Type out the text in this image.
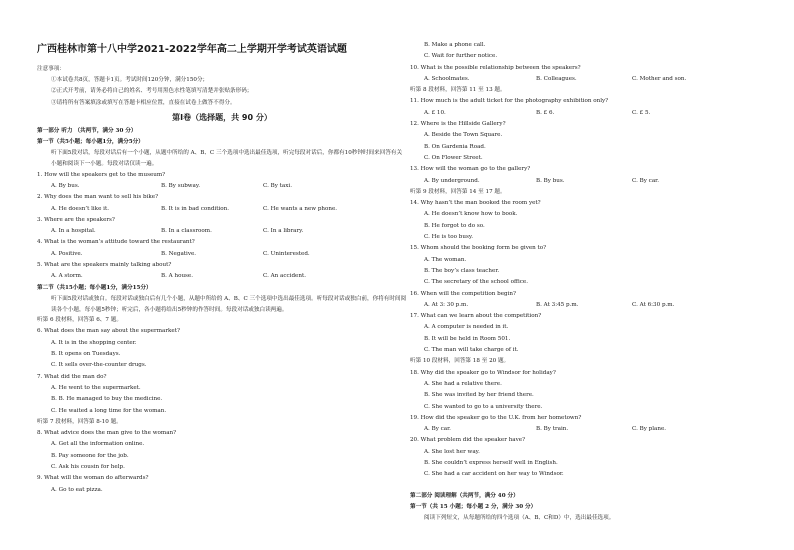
广西桂林市第十八中学2021-2022学年高二上学期开学考试英语试题
注意事项：
①本试卷共8页，答题卡1页。考试时间120分钟，满分150分；
②正式开考前，请务必将自己的姓名、考号用黑色水性笔填写清楚并张贴条形码；
③请将所有答案填涂或填写在答题卡相应位置，直接在试卷上做答不得分。
第Ⅰ卷（选择题，共 90 分）
第一部分 听力 （共两节，满分 30 分）
第一节（共5小题；每小题1分，满分5分）
听下面5段对话，每段对话后有一个小题，从题中所给的 A、B、C 三个选项中选出最佳选项，听完每段对话后，你都有10秒钟时间来回答有关小题和阅读下一小题。每段对话仅读一遍。
1. How will the speakers get to the museum?
A. By bus.	B. By subway.	C. By taxi.
2. Why does the man want to sell his bike?
A. He doesn’t like it.	B. It is in bad condition.	C. He wants a new phone.
3. Where are the speakers?
A. In a hospital.	B. In a classroom.	C. In a library.
4. What is the woman’s attitude toward the restaurant?
A. Positive.	B. Negative.	C. Uninterested.
5. What are the speakers mainly talking about?
A. A storm.	B. A house.	C. An accident.
第二节（共15小题；每小题1分，满分15分）
听下面5段对话或独白。每段对话或独白后有几个小题，从题中所给的 A、B、C 三个选项中选出最佳选项。听每段对话或独白前，你将有时间阅读各个小题，每小题5秒钟；听完后，各小题将给出5秒钟的作答时间。每段对话或独白读两遍。
听第 6 段材料，回答第 6、7 题。
6. What does the man say about the supermarket?
A. It is in the shopping center.
B. It opens on Tuesdays.
C. It sells over-the-counter drugs.
7. What did the man do?
A. He went to the supermarket.
B. B. He managed to buy the medicine.
C. He waited a long time for the woman.
听第 7 段材料，回答第 8-10 题。
8. What advice does the man give to the woman?
A. Get all the information online.
B. Pay someone for the job.
C. Ask his cousin for help.
9. What will the woman do afterwards?
A. Go to eat pizza.
B. Make a phone call.
C. Wait for further notice.
10. What is the possible relationship between the speakers?
A. Schoolmates.	B. Colleagues.	C. Mother and son.
听第 8 段材料，回答第 11 至 13 题。
11. How much is the adult ticket for the photography exhibition only?
A. £ 10.	B. £ 6.	C. £ 5.
12. Where is the Hillside Gallery?
A. Beside the Town Square.
B. On Gardenia Road.
C. On Flower Street.
13. How will the woman go to the gallery?
A. By underground.	B. By bus.	C. By car.
听第 9 段材料，回答第 14 至 17 题。
14. Why hasn’t the man booked the room yet?
A. He doesn’t know how to book.
B. He forgot to do so.
C. He is too busy.
15. Whom should the booking form be given to?
A. The woman.
B. The boy’s class teacher.
C. The secretary of the school office.
16. When will the competition begin?
A. At 3: 30 p.m.	B. At 3:45 p.m.	C. At 6:30 p.m.
17. What can we learn about the competition?
A. A computer is needed in it.
B. It will be held in Room 501.
C. The man will take charge of it.
听第 10 段材料，回答第 18 至 20 题。
18. Why did the speaker go to Windsor for holiday?
A. She had a relative there.
B. She was invited by her friend there.
C. She wanted to go to a university there.
19. How did the speaker go to the U.K. from her hometown?
A. By car.	B. By train.	C. By plane.
20. What problem did the speaker have?
A. She lost her way.
B. She couldn’t express herself well in English.
C. She had a car accident on her way to Windsor.
第二部分 阅读理解（共两节，满分 40 分）
第一节（共 15 小题；每小题 2 分，满分 30 分）
阅读下列短文，从每题所给的四个选项（A、B、C和D）中，选出最佳选项。
